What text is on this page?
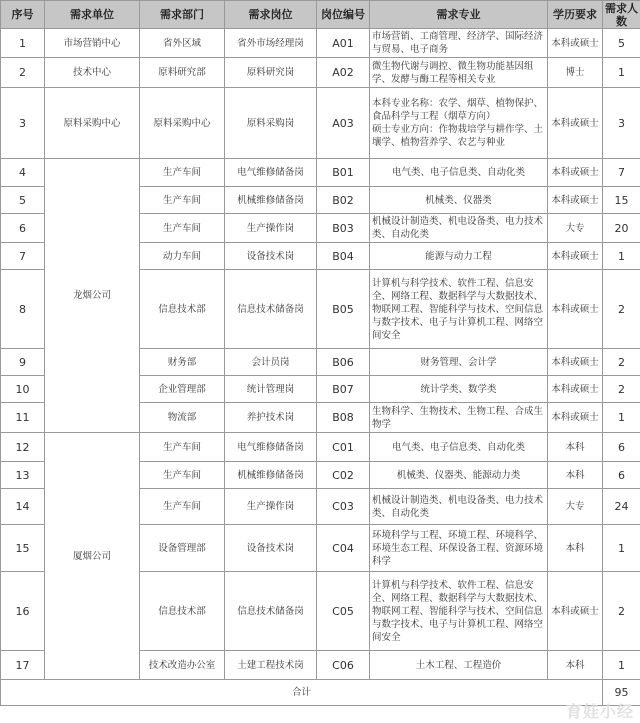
序号	需求单位	需求部门	需求岗位	岗位编号	需求专业	学历要求	需求人数
1	市场营销中心	省外区域	省外市场经理岗	A01	市场营销、工商管理、经济学、国际经济与贸易、电子商务	本科或硕士	5
2	技术中心	原料研究部	原料研究岗	A02	微生物代谢与调控、微生物功能基因组学、发酵与酶工程等相关专业	博士	1
3	原料采购中心	原料采购中心	原料采购岗	A03	本科专业名称：农学、烟草、植物保护、食品科学与工程（烟草方向）
硕士专业方向：作物栽培学与耕作学、土壤学、植物营养学、农艺与种业	本科或硕士	3
4	龙烟公司	生产车间	电气维修储备岗	B01	电气类、电子信息类、自动化类	本科或硕士	7
5		生产车间	机械维修储备岗	B02	机械类、仪器类	本科或硕士	15
6		生产车间	生产操作岗	B03	机械设计制造类、机电设备类、电力技术类、自动化类	大专	20
7		动力车间	设备技术岗	B04	能源与动力工程	本科或硕士	1
8		信息技术部	信息技术储备岗	B05	计算机与科学技术、软件工程、信息安全、网络工程、数据科学与大数据技术、物联网工程、智能科学与技术、空间信息与数字技术、电子与计算机工程、网络空间安全	本科或硕士	2
9		财务部	会计员岗	B06	财务管理、会计学	本科或硕士	2
10		企业管理部	统计管理岗	B07	统计学类、数学类	本科或硕士	2
11		物流部	养护技术岗	B08	生物科学、生物技术、生物工程、合成生物学	本科或硕士	1
12	厦烟公司	生产车间	电气维修储备岗	C01	电气类、电子信息类、自动化类	本科	6
13		生产车间	机械维修储备岗	C02	机械类、仪器类、能源动力类	本科	6
14		生产车间	生产操作岗	C03	机械设计制造类、机电设备类、电力技术类、自动化类	大专	24
15		设备管理部	设备技术岗	C04	环境科学与工程、环境工程、环境科学、环境生态工程、环保设备工程、资源环境科学	本科	1
16		信息技术部	信息技术储备岗	C05	计算机与科学技术、软件工程、信息安全、网络工程、数据科学与大数据技术、物联网工程、智能科学与技术、空间信息与数字技术、电子与计算机工程、网络空间安全	本科或硕士	2
17		技术改造办公室	土建工程技术岗	C06	土木工程、工程造价	本科	1
合计							95
育娃小经
